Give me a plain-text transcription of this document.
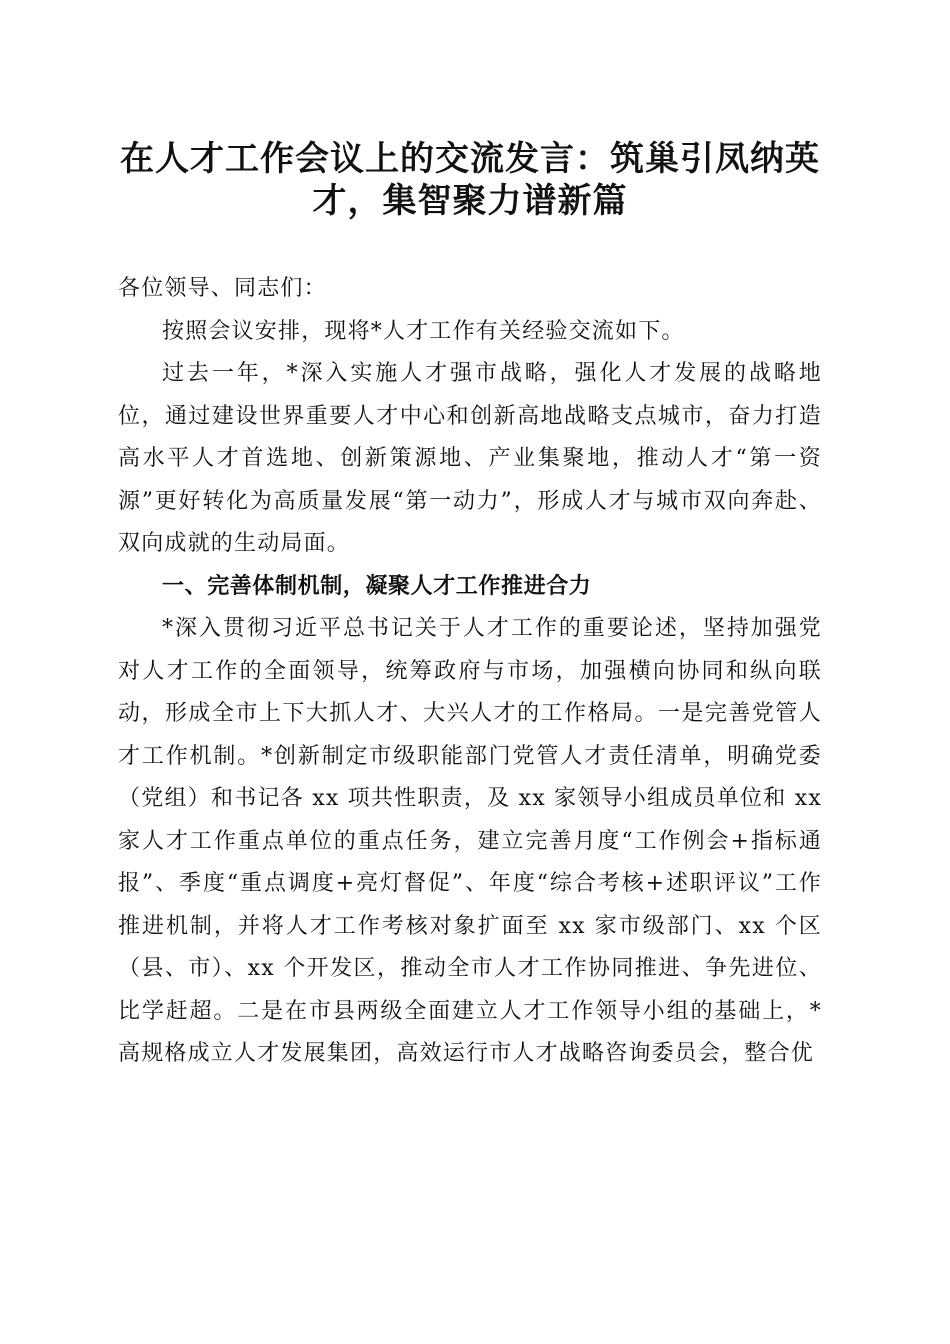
在人才工作会议上的交流发言：筑巢引凤纳英
才，集智聚力谱新篇

各位领导、同志们：

按照会议安排，现将*人才工作有关经验交流如下。

过去一年，*深入实施人才强市战略，强化人才发展的战略地位，通过建设世界重要人才中心和创新高地战略支点城市，奋力打造高水平人才首选地、创新策源地、产业集聚地，推动人才“第一资源”更好转化为高质量发展“第一动力”，形成人才与城市双向奔赴、双向成就的生动局面。

一、完善体制机制，凝聚人才工作推进合力

*深入贯彻习近平总书记关于人才工作的重要论述，坚持加强党对人才工作的全面领导，统筹政府与市场，加强横向协同和纵向联动，形成全市上下大抓人才、大兴人才的工作格局。一是完善党管人才工作机制。*创新制定市级职能部门党管人才责任清单，明确党委（党组）和书记各 xx 项共性职责，及 xx 家领导小组成员单位和 xx 家人才工作重点单位的重点任务，建立完善月度“工作例会+指标通报”、季度“重点调度+亮灯督促”、年度“综合考核+述职评议”工作推进机制，并将人才工作考核对象扩面至 xx 家市级部门、xx 个区（县、市）、xx 个开发区，推动全市人才工作协同推进、争先进位、比学赶超。二是在市县两级全面建立人才工作领导小组的基础上，*高规格成立人才发展集团，高效运行市人才战略咨询委员会，整合优
